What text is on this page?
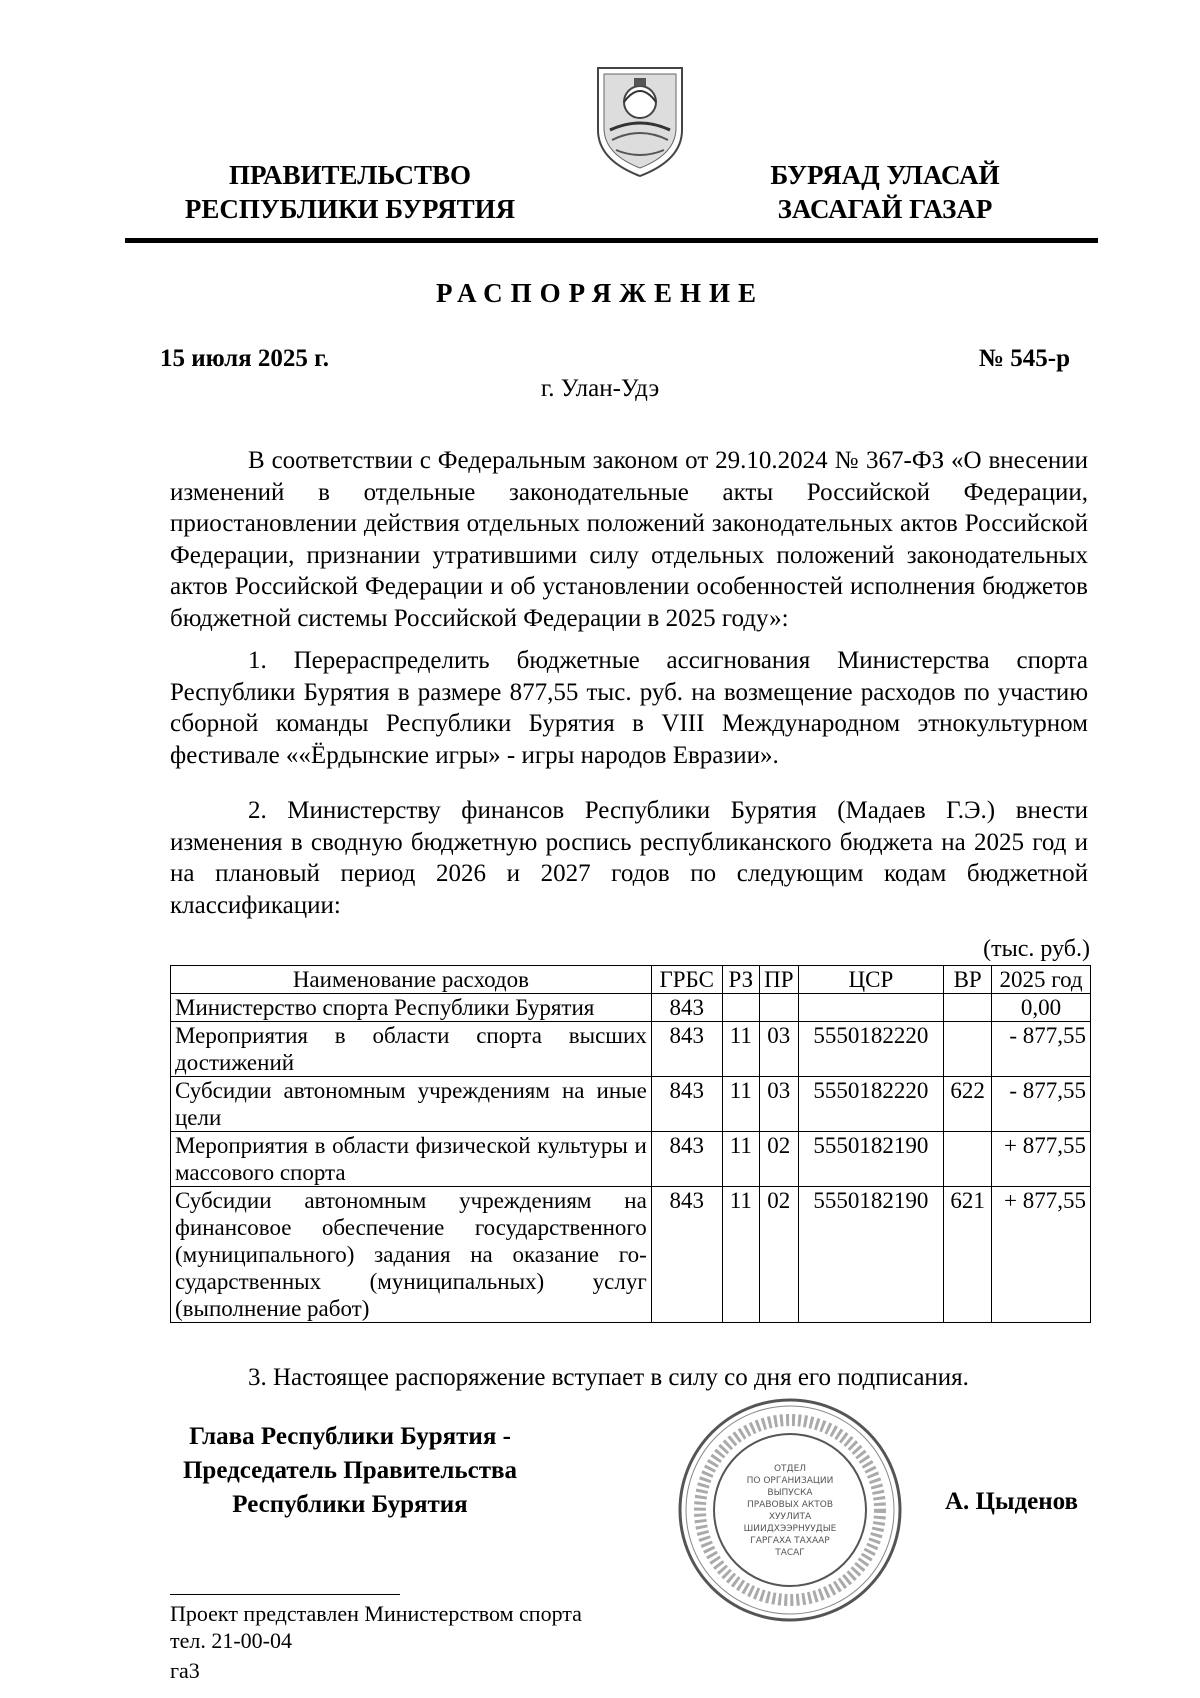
ПРАВИТЕЛЬСТВО
РЕСПУБЛИКИ БУРЯТИЯ
БУРЯАД УЛАСАЙ
ЗАСАГАЙ ГАЗАР
РАСПОРЯЖЕНИЕ
15 июля 2025 г.	№ 545-р
г. Улан-Удэ

В соответствии с Федеральным законом от 29.10.2024 № 367-ФЗ «О внесении изменений в отдельные законодательные акты Российской Федерации, приостановлении действия отдельных положений законодательных актов Российской Федерации, признании утратившими силу отдельных положений законодательных актов Российской Федерации и об установлении особенностей исполнения бюджетов бюджетной системы Российской Федерации в 2025 году»:

1. Перераспределить бюджетные ассигнования Министерства спорта Республики Бурятия в размере 877,55 тыс. руб. на возмещение расходов по участию сборной команды Республики Бурятия в VIII Международном этнокультурном фестивале ««Ёрдынские игры» - игры народов Евразии».

2. Министерству финансов Республики Бурятия (Мадаев Г.Э.) внести изменения в сводную бюджетную роспись республиканского бюджета на 2025 год и на плановый период 2026 и 2027 годов по следующим кодам бюджетной классификации:

(тыс. руб.)
Наименование расходов	ГРБС	РЗ	ПР	ЦСР	ВР	2025 год
Министерство спорта Республики Бурятия	843					0,00
Мероприятия в области спорта высших достижений	843	11	03	5550182220		- 877,55
Субсидии автономным учреждениям на иные цели	843	11	03	5550182220	622	- 877,55
Мероприятия в области физической культуры и массового спорта	843	11	02	5550182190		+ 877,55
Субсидии автономным учреждениям на финансовое обеспечение государственного (муниципального) задания на оказание го-сударственных (муниципальных) услуг (выполнение работ)	843	11	02	5550182190	621	+ 877,55
3. Настоящее распоряжение вступает в силу со дня его подписания.
Глава Республики Бурятия -
Председатель Правительства
Республики Бурятия
ОТДЕЛ
ПО ОРГАНИЗАЦИИ
ВЫПУСКА
ПРАВОВЫХ АКТОВ
ХУУЛИТА
ШИИДХЭЭРНУУДЫЕ
ГАРГАХА ТАХААР
ТАСАГ
А. Цыденов
Проект представлен Министерством спорта
тел. 21-00-04
га3
